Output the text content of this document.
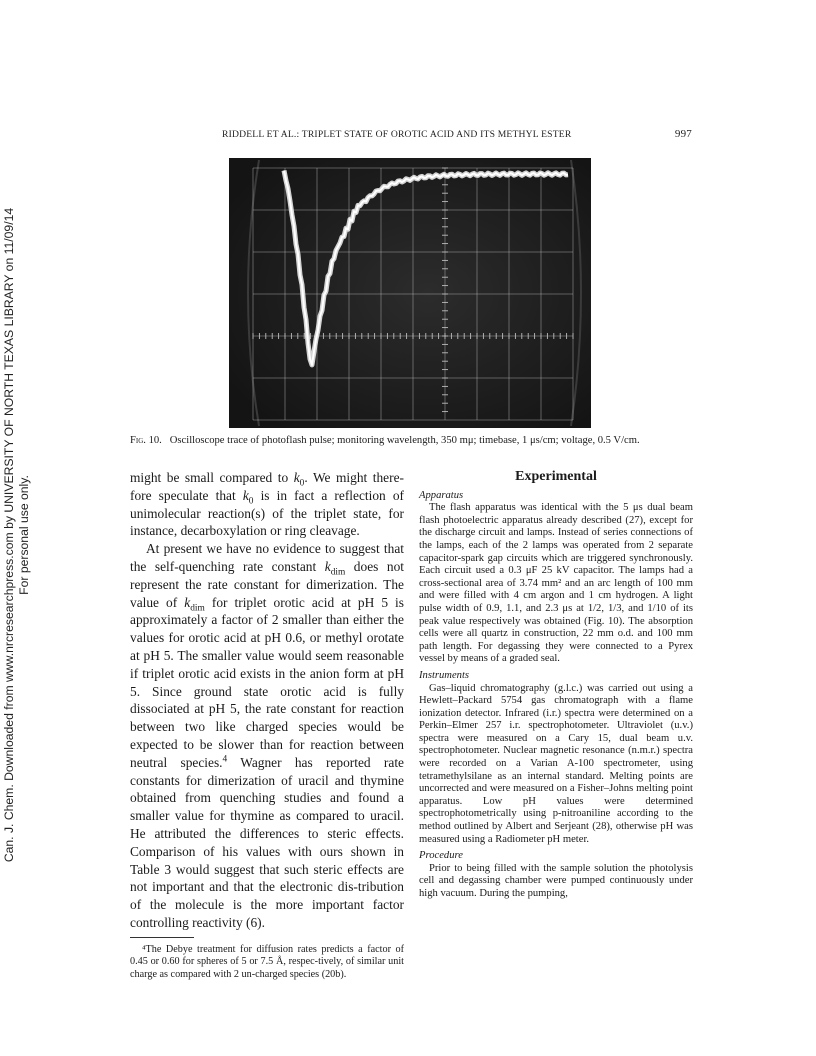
Can. J. Chem. Downloaded from www.nrcresearchpress.com by UNIVERSITY OF NORTH TEXAS LIBRARY on 11/09/14 For personal use only.
RIDDELL ET AL.: TRIPLET STATE OF OROTIC ACID AND ITS METHYL ESTER	997
Fig. 10. Oscilloscope trace of photoflash pulse; monitoring wavelength, 350 mμ; timebase, 1 μs/cm; voltage, 0.5 V/cm.

might be small compared to $k_0$. We might there-fore speculate that $k_0$ is in fact a reflection of unimolecular reaction(s) of the triplet state, for instance, decarboxylation or ring cleavage.

At present we have no evidence to suggest that the self-quenching rate constant $k_{dim}$ does not represent the rate constant for dimerization. The value of $k_{dim}$ for triplet orotic acid at pH 5 is approximately a factor of 2 smaller than either the values for orotic acid at pH 0.6, or methyl orotate at pH 5. The smaller value would seem reasonable if triplet orotic acid exists in the anion form at pH 5. Since ground state orotic acid is fully dissociated at pH 5, the rate constant for reaction between two like charged species would be expected to be slower than for reaction between neutral species.$^4$ Wagner has reported rate constants for dimerization of uracil and thymine obtained from quenching studies and found a smaller value for thymine as compared to uracil. He attributed the differences to steric effects. Comparison of his values with ours shown in Table 3 would suggest that such steric effects are not important and that the electronic dis-tribution of the molecule is the more important factor controlling reactivity (6).

⁴The Debye treatment for diffusion rates predicts a factor of 0.45 or 0.60 for spheres of 5 or 7.5 Å, respec-tively, of similar unit charge as compared with 2 un-charged species (20b).
Experimental
Apparatus

The flash apparatus was identical with the 5 μs dual beam flash photoelectric apparatus already described (27), except for the discharge circuit and lamps. Instead of series connections of the lamps, each of the 2 lamps was operated from 2 separate capacitor-spark gap circuits which are triggered synchronously. Each circuit used a 0.3 μF 25 kV capacitor. The lamps had a cross-sectional area of 3.74 mm² and an arc length of 100 mm and were filled with 4 cm argon and 1 cm hydrogen. A light pulse width of 0.9, 1.1, and 2.3 μs at 1/2, 1/3, and 1/10 of its peak value respectively was obtained (Fig. 10). The absorption cells were all quartz in construction, 22 mm o.d. and 100 mm path length. For degassing they were connected to a Pyrex vessel by means of a graded seal.

Instruments

Gas–liquid chromatography (g.l.c.) was carried out using a Hewlett–Packard 5754 gas chromatograph with a flame ionization detector. Infrared (i.r.) spectra were determined on a Perkin–Elmer 257 i.r. spectrophotometer. Ultraviolet (u.v.) spectra were measured on a Cary 15, dual beam u.v. spectrophotometer. Nuclear magnetic resonance (n.m.r.) spectra were recorded on a Varian A-100 spectrometer, using tetramethylsilane as an internal standard. Melting points are uncorrected and were measured on a Fisher–Johns melting point apparatus. Low pH values were determined spectrophotometrically using p-nitroaniline according to the method outlined by Albert and Serjeant (28), otherwise pH was measured using a Radiometer pH meter.

Procedure

Prior to being filled with the sample solution the photolysis cell and degassing chamber were pumped continuously under high vacuum. During the pumping,
